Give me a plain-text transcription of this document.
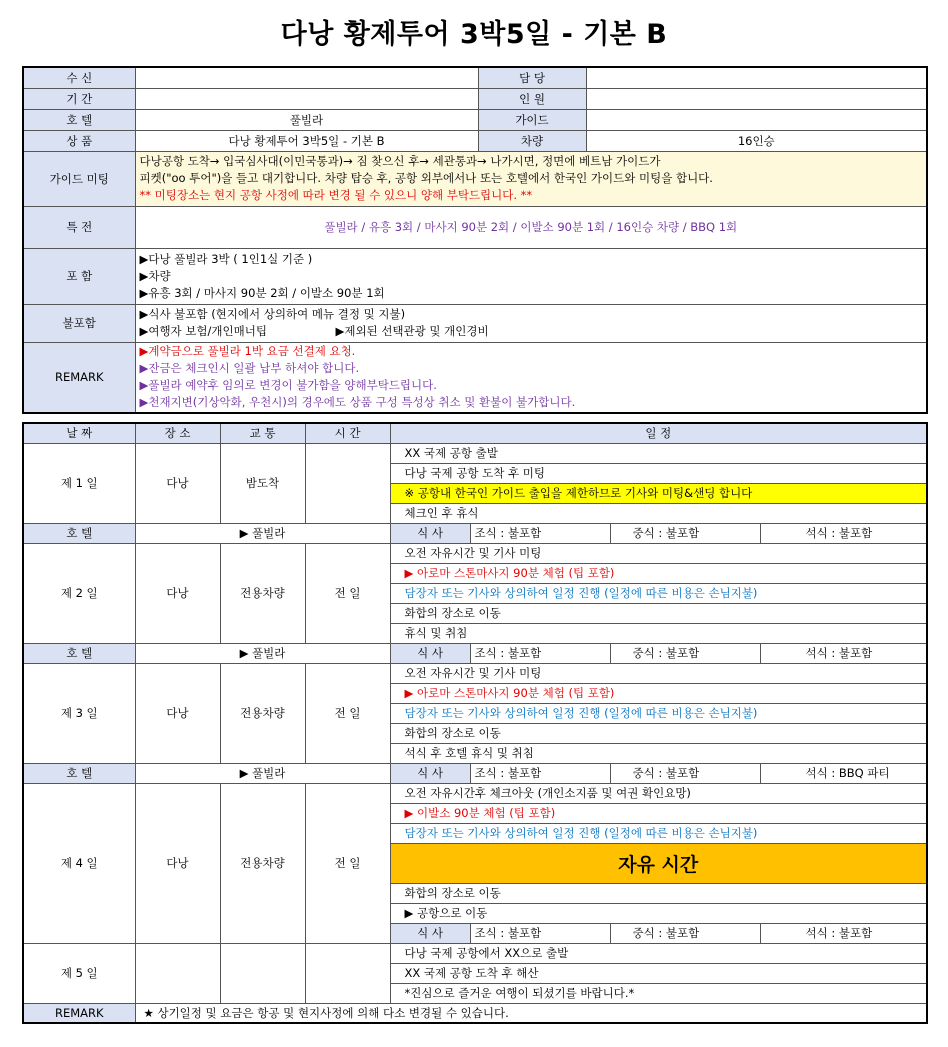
다낭 황제투어 3박5일 - 기본 B
수 신		담 당	
기 간		인 원	
호 텔	풀빌라	가이드	
상 품	다낭 황제투어 3박5일 - 기본 B	차량	16인승
가이드 미팅	다낭공항 도착→ 입국심사대(이민국통과)→ 짐 찾으신 후→ 세관통과→ 나가시면, 정면에 베트남 가이드가
피켓("oo 투어")을 들고 대기합니다. 차량 탑승 후, 공항 외부에서나 또는 호텔에서 한국인 가이드와 미팅을 합니다.
** 미팅장소는 현지 공항 사정에 따라 변경 될 수 있으니 양해 부탁드립니다. **		

특 전	풀빌라 / 유흥 3회 / 마사지 90분 2회 / 이발소 90분 1회 / 16인승 차량 / BBQ 1회		
포 함	▶다낭 풀빌라 3박 ( 1인1실 기준 )
▶차량
▶유흥 3회 / 마사지 90분 2회 / 이발소 90분 1회		

불포함	▶식사 불포함 (현지에서 상의하여 메뉴 결정 및 지불)
▶여행자 보험/개인매너팁 ▶제외된 선택관광 및 개인경비		

REMARK	▶계약금으로 풀빌라 1박 요금 선결제 요청.
▶잔금은 체크인시 일괄 납부 하셔야 합니다.
▶풀빌라 예약후 임의로 변경이 불가함을 양해부탁드립니다.
▶천재지변(기상악화, 우천시)의 경우에도 상품 구성 특성상 취소 및 환불이 불가합니다.		
날 짜	장 소	교 통	시 간	일 정			
제 1 일	다낭	밤도착		XX 국제 공항 출발			
				다낭 국제 공항 도착 후 미팅			
				※ 공항내 한국인 가이드 출입을 제한하므로 기사와 미팅&샌딩 합니다			
				체크인 후 휴식			
호 텔	▶ 풀빌라			식 사	조식 : 불포함	중식 : 불포함	석식 : 불포함
제 2 일	다낭	전용차량	전 일	오전 자유시간 및 기사 미팅			
				▶ 아로마 스톤마사지 90분 체험 (팁 포함)			
				담장자 또는 기사와 상의하여 일정 진행 (일정에 따른 비용은 손님지불)			
				화합의 장소로 이동			
				휴식 및 취침			
호 텔	▶ 풀빌라			식 사	조식 : 불포함	중식 : 불포함	석식 : 불포함
제 3 일	다낭	전용차량	전 일	오전 자유시간 및 기사 미팅			
				▶ 아로마 스톤마사지 90분 체험 (팁 포함)			
				담장자 또는 기사와 상의하여 일정 진행 (일정에 따른 비용은 손님지불)			
				화합의 장소로 이동			
				석식 후 호텔 휴식 및 취침			
호 텔	▶ 풀빌라			식 사	조식 : 불포함	중식 : 불포함	석식 : BBQ 파티
제 4 일	다낭	전용차량	전 일	오전 자유시간후 체크아웃 (개인소지품 및 여권 확인요망)			
				▶ 이발소 90분 체험 (팁 포함)			
				담장자 또는 기사와 상의하여 일정 진행 (일정에 따른 비용은 손님지불)			
				자유 시간			
				화합의 장소로 이동			
				▶ 공항으로 이동			
				식 사	조식 : 불포함	중식 : 불포함	석식 : 불포함
제 5 일				다낭 국제 공항에서 XX으로 출발			
				XX 국제 공항 도착 후 해산			
				*진심으로 즐거운 여행이 되셨기를 바랍니다.*			
REMARK	★ 상기일정 및 요금은 항공 및 현지사정에 의해 다소 변경될 수 있습니다.						
